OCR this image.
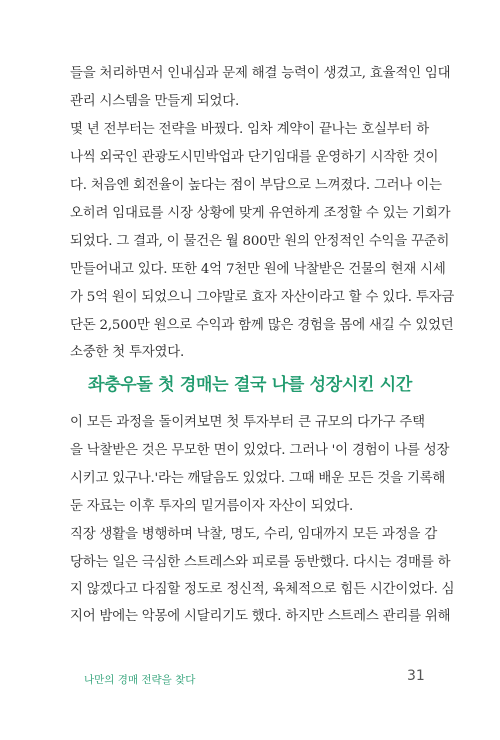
들을 처리하면서 인내심과 문제 해결 능력이 생겼고, 효율적인 임대
관리 시스템을 만들게 되었다.
몇 년 전부터는 전략을 바꿨다. 임차 계약이 끝나는 호실부터 하
나씩 외국인 관광도시민박업과 단기임대를 운영하기 시작한 것이
다. 처음엔 회전율이 높다는 점이 부담으로 느껴졌다. 그러나 이는
오히려 임대료를 시장 상황에 맞게 유연하게 조정할 수 있는 기회가
되었다. 그 결과, 이 물건은 월 800만 원의 안정적인 수익을 꾸준히
만들어내고 있다. 또한 4억 7천만 원에 낙찰받은 건물의 현재 시세
가 5억 원이 되었으니 그야말로 효자 자산이라고 할 수 있다. 투자금
단돈 2,500만 원으로 수익과 함께 많은 경험을 몸에 새길 수 있었던
소중한 첫 투자였다.
좌충우돌 첫 경매는 결국 나를 성장시킨 시간
이 모든 과정을 돌이켜보면 첫 투자부터 큰 규모의 다가구 주택
을 낙찰받은 것은 무모한 면이 있었다. 그러나 '이 경험이 나를 성장
시키고 있구나.'라는 깨달음도 있었다. 그때 배운 모든 것을 기록해
둔 자료는 이후 투자의 밑거름이자 자산이 되었다.
직장 생활을 병행하며 낙찰, 명도, 수리, 임대까지 모든 과정을 감
당하는 일은 극심한 스트레스와 피로를 동반했다. 다시는 경매를 하
지 않겠다고 다짐할 정도로 정신적, 육체적으로 힘든 시간이었다. 심
지어 밤에는 악몽에 시달리기도 했다. 하지만 스트레스 관리를 위해
나만의 경매 전략을 찾다	31
